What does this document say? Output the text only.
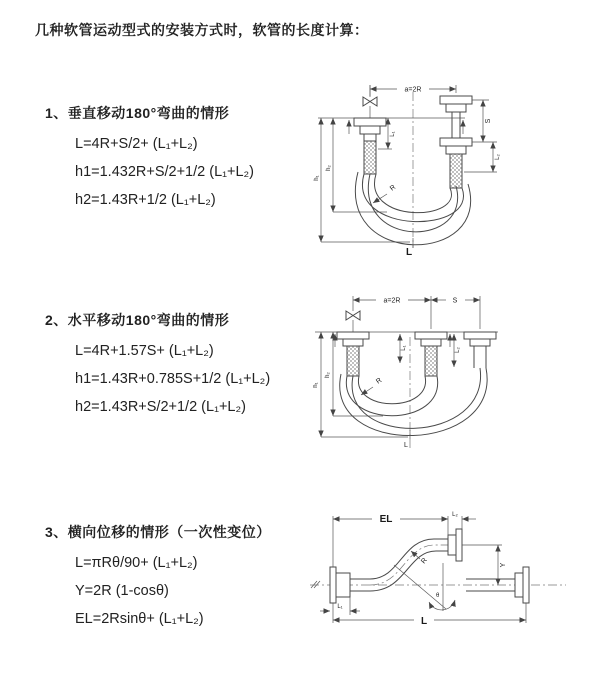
几种软管运动型式的安装方式时，软管的长度计算：
1、垂直移动180°弯曲的情形
L=4R+S/2+ (L₁+L₂)
h1=1.432R+S/2+1/2 (L₁+L₂)
h2=1.43R+1/2 (L₁+L₂)
2、水平移动180°弯曲的情形
L=4R+1.57S+ (L₁+L₂)
h1=1.43R+0.785S+1/2 (L₁+L₂)
h2=1.43R+S/2+1/2 (L₁+L₂)
3、横向位移的情形（一次性变位）
L=πRθ/90+ (L₁+L₂)
Y=2R (1-cosθ)
EL=2Rsinθ+ (L₁+L₂)
a=2R
L₁
S
L₂
h₁
h₂
R
L
a=2R	S
L₁	L₂
h₁
h₂
R
L
EL	L₂
Y
θ
R
L
L₁
